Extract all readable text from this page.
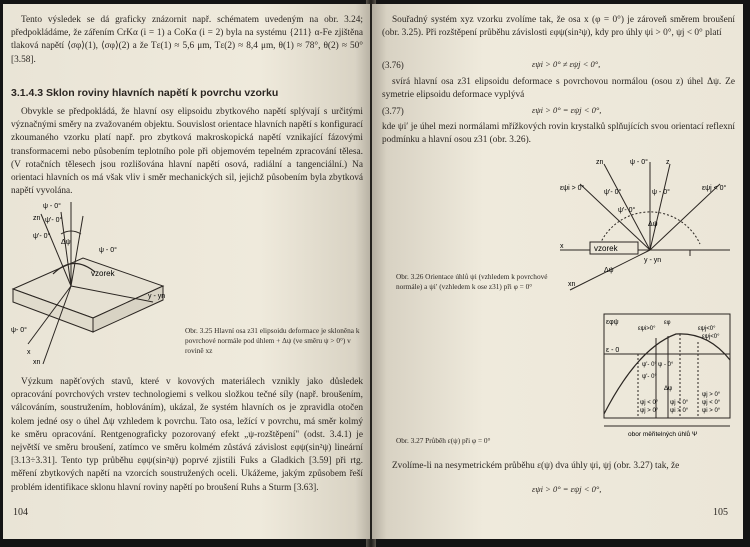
Tento výsledek se dá graficky znázornit např. schématem uvedeným na obr. 3.24; předpokládáme, že zářením CrKα (i = 1) a CoKα (i = 2) byla na systému {211} α-Fe zjištěna tlaková napětí ⟨σφ⟩(1), ⟨σφ⟩(2) a že Tε(1) ≈ 5,6 μm, Tε(2) ≈ 8,4 μm, θ(1) ≈ 78°, θ(2) ≈ 50° [3.58].

3.1.4.3 Sklon roviny hlavních napětí k povrchu vzorku

Obvykle se předpokládá, že hlavní osy elipsoidu zbytkového napětí splývají s určitými význačnými směry na zvažovaném objektu. Souvislost orientace hlavních napětí s konfigurací zkoumaného vzorku platí např. pro zbytková makroskopická napětí vznikající fázovými transformacemi nebo působením teplotního pole při objemovém tepelném zpracování tělesa. (V rotačních tělesech jsou rozlišována hlavní napětí osová, radiální a tangenciální.) Na orientaci hlavních os má však vliv i směr mechanických sil, jejichž působením byla zbytková napětí vyvolána.

ψ - 0°
zn ψ'- 0°
Δψ
ψ - 0°
ψ'- 0°
ψ- 0°
vzorek
y - yn
x
xn
Obr. 3.25 Hlavní osa z31 elipsoidu deformace je skloněna k povrchové normále pod úhlem + Δψ (ve směru ψ > 0°) v rovině xz

Výzkum napěťových stavů, které v kovových materiálech vznikly jako důsledek opracování povrchových vrstev technologiemi s velkou složkou tečné síly (např. broušením, válcováním, soustružením, hoblováním), ukázal, že systém hlavních os je zpravidla otočen kolem jedné osy o úhel Δψ vzhledem k povrchu. Tato osa, ležící v povrchu, má směr kolmý ke směru opracování. Rentgenograficky pozorovaný efekt „ψ-rozštěpení" (odst. 3.4.1) je největší ve směru broušení, zatímco ve směru kolmém zůstává závislost εφψ(sin²ψ) lineární [3.13÷3.31]. Tento typ průběhu εφψ(sin²ψ) poprvé zjistili Fuks a Gladkich [3.59] při rtg. měření zbytkových napětí na vzorcích soustružených oceli. Ukážeme, jakým způsobem řeší problém identifikace sklonu hlavní roviny napětí po broušení Ruhs a Sturm [3.63].

104

Souřadný systém xyz vzorku zvolíme tak, že osa x (φ = 0°) je zároveň směrem broušení (obr. 3.25). Při rozštěpení průběhu závislosti εφψ(sin²ψ), kdy pro úhly ψi > 0°, ψj < 0° platí

(3.76)	εψi > 0° ≠ εψj < 0°,

svírá hlavní osa z31 elipsoidu deformace s povrchovou normálou (osou z) úhel Δψ. Ze symetrie elipsoidu deformace vyplývá

(3.77)	εψi > 0° = εψj < 0°,

kde ψi′ je úhel mezi normálami mřížkových rovin krystalků splňujících svou orientací reflexní podmínku a hlavní osou z31 (obr. 3.26).

zn	ψ - 0°	z
εψi > 0°	εψj < 0°
ψ'- 0°	ψ - 0°
ψ'- 0°
Δψ
vzorek
x
y - yn
xn
Δψ
Obr. 3.26 Orientace úhlů ψi (vzhledem k povrchové normále) a ψi′ (vzhledem k ose z31) při φ = 0°
εφψ
ε - 0
εψi>0°
εφ
εψj<0°
εψj<0°
ψ'- 0° ψ - 0°
ψ'- 0°
Δψ
ψj < 0°
ψj > 0°
ψj < 0°
ψi > 0°
ψj < 0°
ψi > 0°
ψj > 0°
obor měřitelných úhlů Ψ
Obr. 3.27 Průběh ε(ψ) při φ = 0°

Zvolíme-li na nesymetrickém průběhu ε(ψ) dva úhly ψi, ψj (obr. 3.27) tak, že

εψi > 0° = εψj < 0°,
105
